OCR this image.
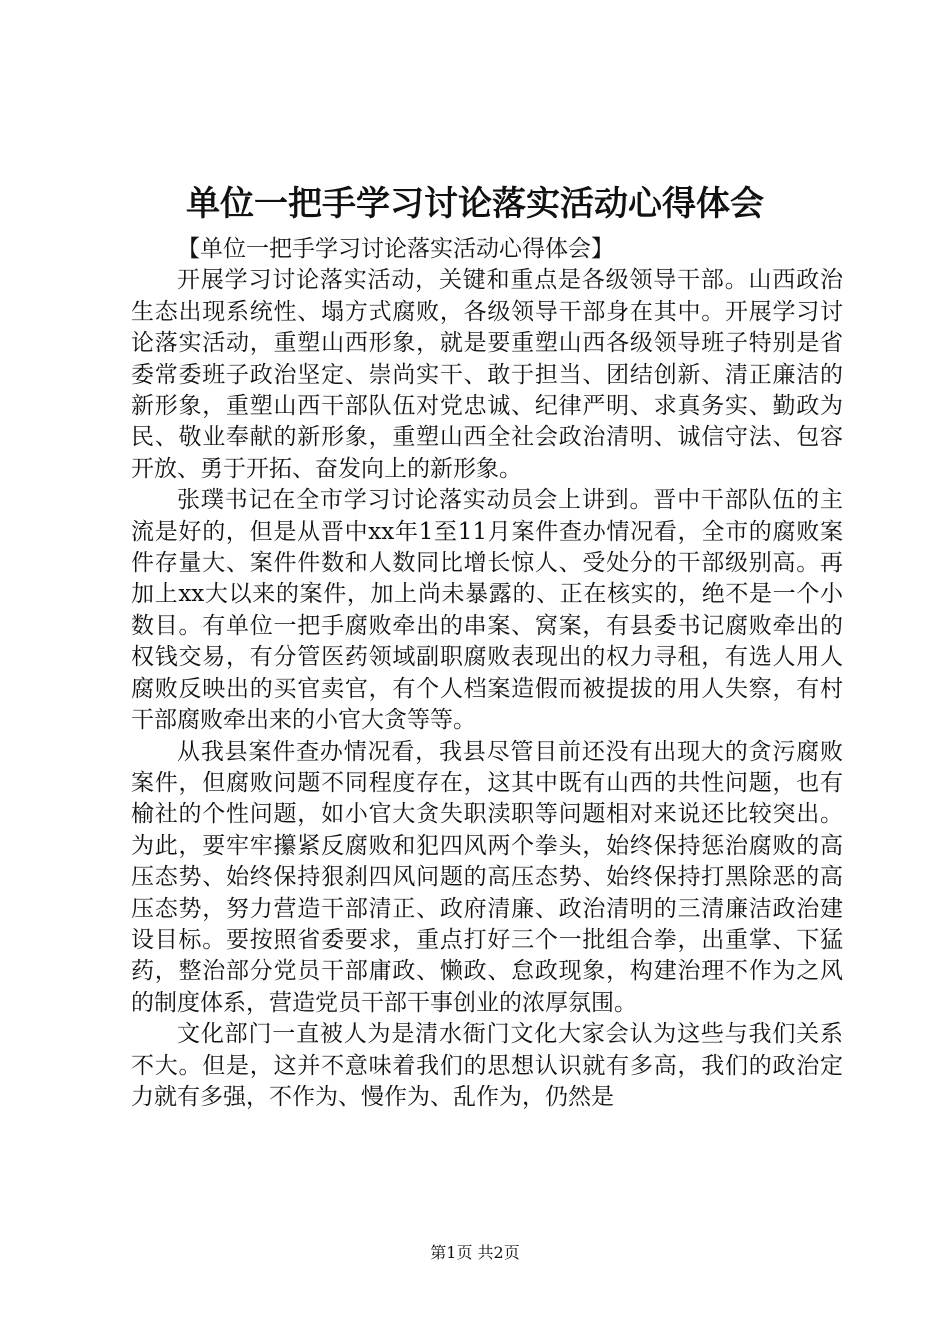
单位一把手学习讨论落实活动心得体会
【单位一把手学习讨论落实活动心得体会】

开展学习讨论落实活动，关键和重点是各级领导干部。山西政治生态出现系统性、塌方式腐败，各级领导干部身在其中。开展学习讨论落实活动，重塑山西形象，就是要重塑山西各级领导班子特别是省委常委班子政治坚定、崇尚实干、敢于担当、团结创新、清正廉洁的新形象，重塑山西干部队伍对党忠诚、纪律严明、求真务实、勤政为民、敬业奉献的新形象，重塑山西全社会政治清明、诚信守法、包容开放、勇于开拓、奋发向上的新形象。

张璞书记在全市学习讨论落实动员会上讲到。晋中干部队伍的主流是好的，但是从晋中xx年1至11月案件查办情况看，全市的腐败案件存量大、案件件数和人数同比增长惊人、受处分的干部级别高。再加上xx大以来的案件，加上尚未暴露的、正在核实的，绝不是一个小数目。有单位一把手腐败牵出的串案、窝案，有县委书记腐败牵出的权钱交易，有分管医药领域副职腐败表现出的权力寻租，有选人用人腐败反映出的买官卖官，有个人档案造假而被提拔的用人失察，有村干部腐败牵出来的小官大贪等等。

从我县案件查办情况看，我县尽管目前还没有出现大的贪污腐败案件，但腐败问题不同程度存在，这其中既有山西的共性问题，也有榆社的个性问题，如小官大贪失职渎职等问题相对来说还比较突出。为此，要牢牢攥紧反腐败和犯四风两个拳头，始终保持惩治腐败的高压态势、始终保持狠刹四风问题的高压态势、始终保持打黑除恶的高压态势，努力营造干部清正、政府清廉、政治清明的三清廉洁政治建设目标。要按照省委要求，重点打好三个一批组合拳，出重掌、下猛药，整治部分党员干部庸政、懒政、怠政现象，构建治理不作为之风的制度体系，营造党员干部干事创业的浓厚氛围。

文化部门一直被人为是清水衙门文化大家会认为这些与我们关系不大。但是，这并不意味着我们的思想认识就有多高，我们的政治定力就有多强，不作为、慢作为、乱作为，仍然是

第1页 共2页
